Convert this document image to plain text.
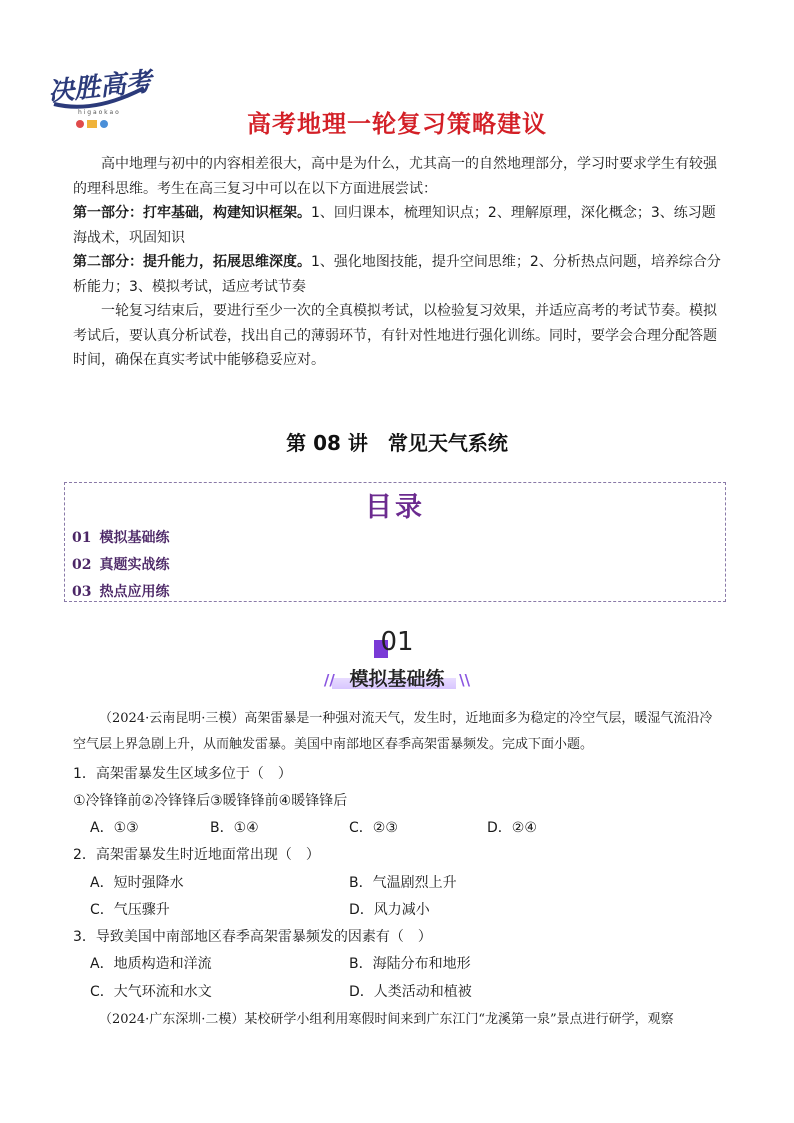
决胜高考
h i g a o k a o	高考地理一轮复习策略建议
高中地理与初中的内容相差很大，高中是为什么，尤其高一的自然地理部分，学习时要求学生有较强的理科思维。考生在高三复习中可以在以下方面进展尝试：
第一部分：打牢基础，构建知识框架。1、回归课本，梳理知识点；2、理解原理，深化概念；3、练习题海战术，巩固知识
第二部分：提升能力，拓展思维深度。1、强化地图技能，提升空间思维；2、分析热点问题，培养综合分析能力；3、模拟考试，适应考试节奏
一轮复习结束后，要进行至少一次的全真模拟考试，以检验复习效果，并适应高考的考试节奏。模拟考试后，要认真分析试卷，找出自己的薄弱环节，有针对性地进行强化训练。同时，要学会合理分配答题时间，确保在真实考试中能够稳妥应对。
第 08 讲　常见天气系统
目录
01 模拟基础练
02 真题实战练
03 热点应用练
01
// 模拟基础练 \\
（2024·云南昆明·三模）高架雷暴是一种强对流天气，发生时，近地面多为稳定的冷空气层，暖湿气流沿冷空气层上界急剧上升，从而触发雷暴。美国中南部地区春季高架雷暴频发。完成下面小题。
1．高架雷暴发生区域多位于（　）
①冷锋锋前②冷锋锋后③暖锋锋前④暖锋锋后
A．①③	B．①④	C．②③	D．②④
2．高架雷暴发生时近地面常出现（　）
A．短时强降水	B．气温剧烈上升
C．气压骤升	D．风力减小
3．导致美国中南部地区春季高架雷暴频发的因素有（　）
A．地质构造和洋流	B．海陆分布和地形
C．大气环流和水文	D．人类活动和植被
（2024·广东深圳·二模）某校研学小组利用寒假时间来到广东江门“龙溪第一泉”景点进行研学，观察
